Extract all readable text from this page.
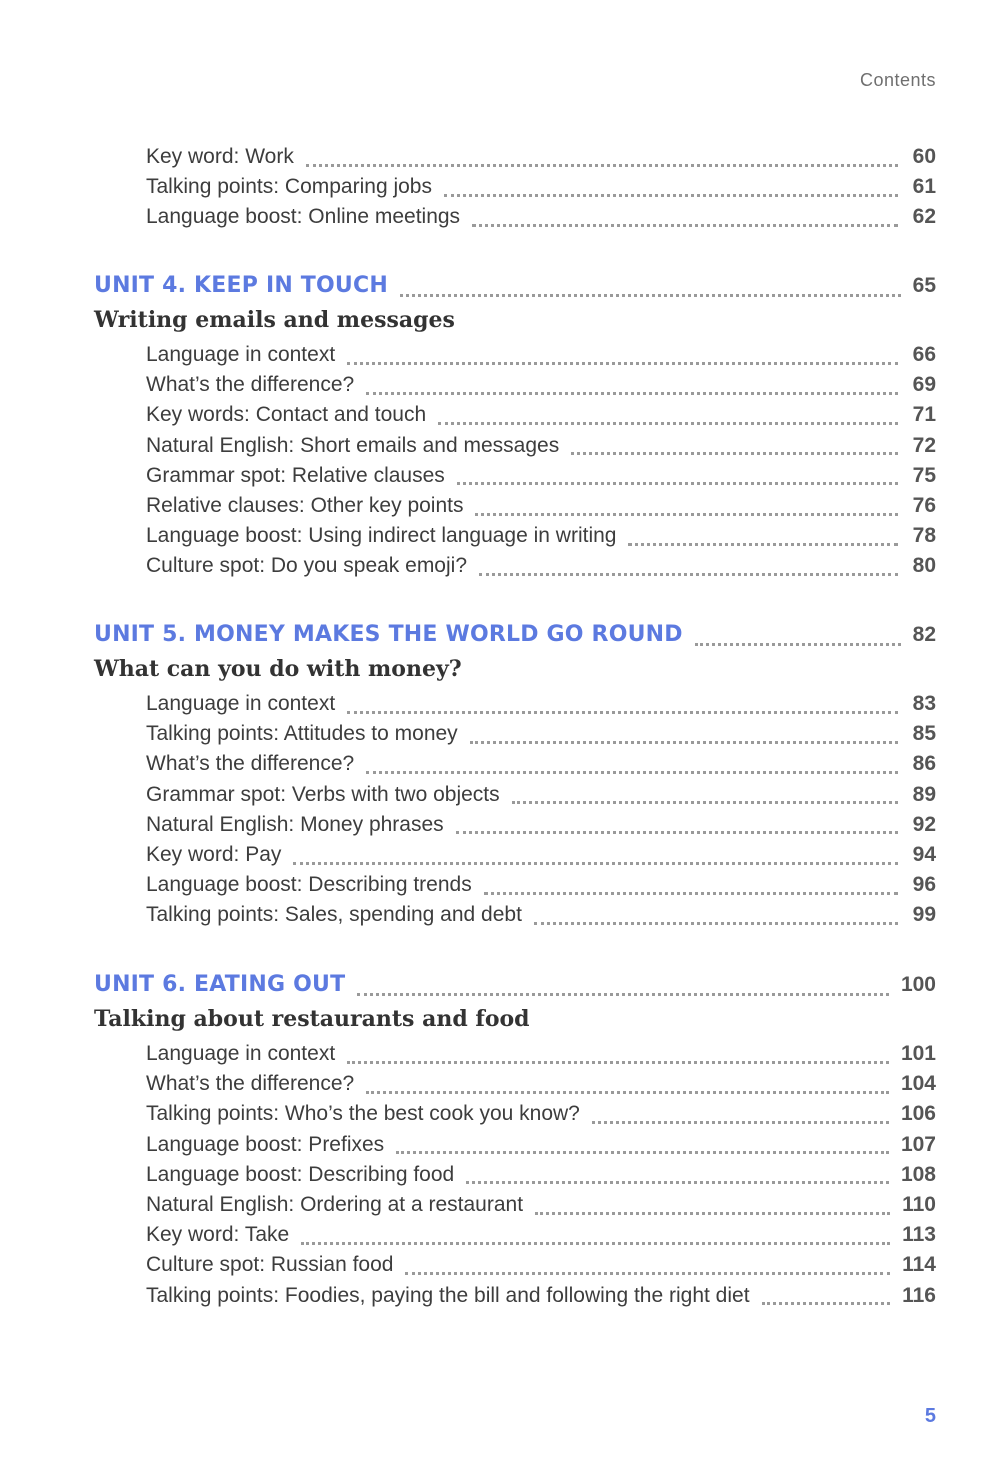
Contents
Key word: Work	60
Talking points: Comparing jobs	61
Language boost: Online meetings	62
UNIT 4. KEEP IN TOUCH	65
Writing emails and messages
Language in context	66
What’s the difference?	69
Key words: Contact and touch	71
Natural English: Short emails and messages	72
Grammar spot: Relative clauses	75
Relative clauses: Other key points	76
Language boost: Using indirect language in writing	78
Culture spot: Do you speak emoji?	80
UNIT 5. MONEY MAKES THE WORLD GO ROUND	82
What can you do with money?
Language in context	83
Talking points: Attitudes to money	85
What’s the difference?	86
Grammar spot: Verbs with two objects	89
Natural English: Money phrases	92
Key word: Pay	94
Language boost: Describing trends	96
Talking points: Sales, spending and debt	99
UNIT 6. EATING OUT	100
Talking about restaurants and food
Language in context	101
What’s the difference?	104
Talking points: Who’s the best cook you know?	106
Language boost: Prefixes	107
Language boost: Describing food	108
Natural English: Ordering at a restaurant	110
Key word: Take	113
Culture spot: Russian food	114
Talking points: Foodies, paying the bill and following the right diet	116
5
